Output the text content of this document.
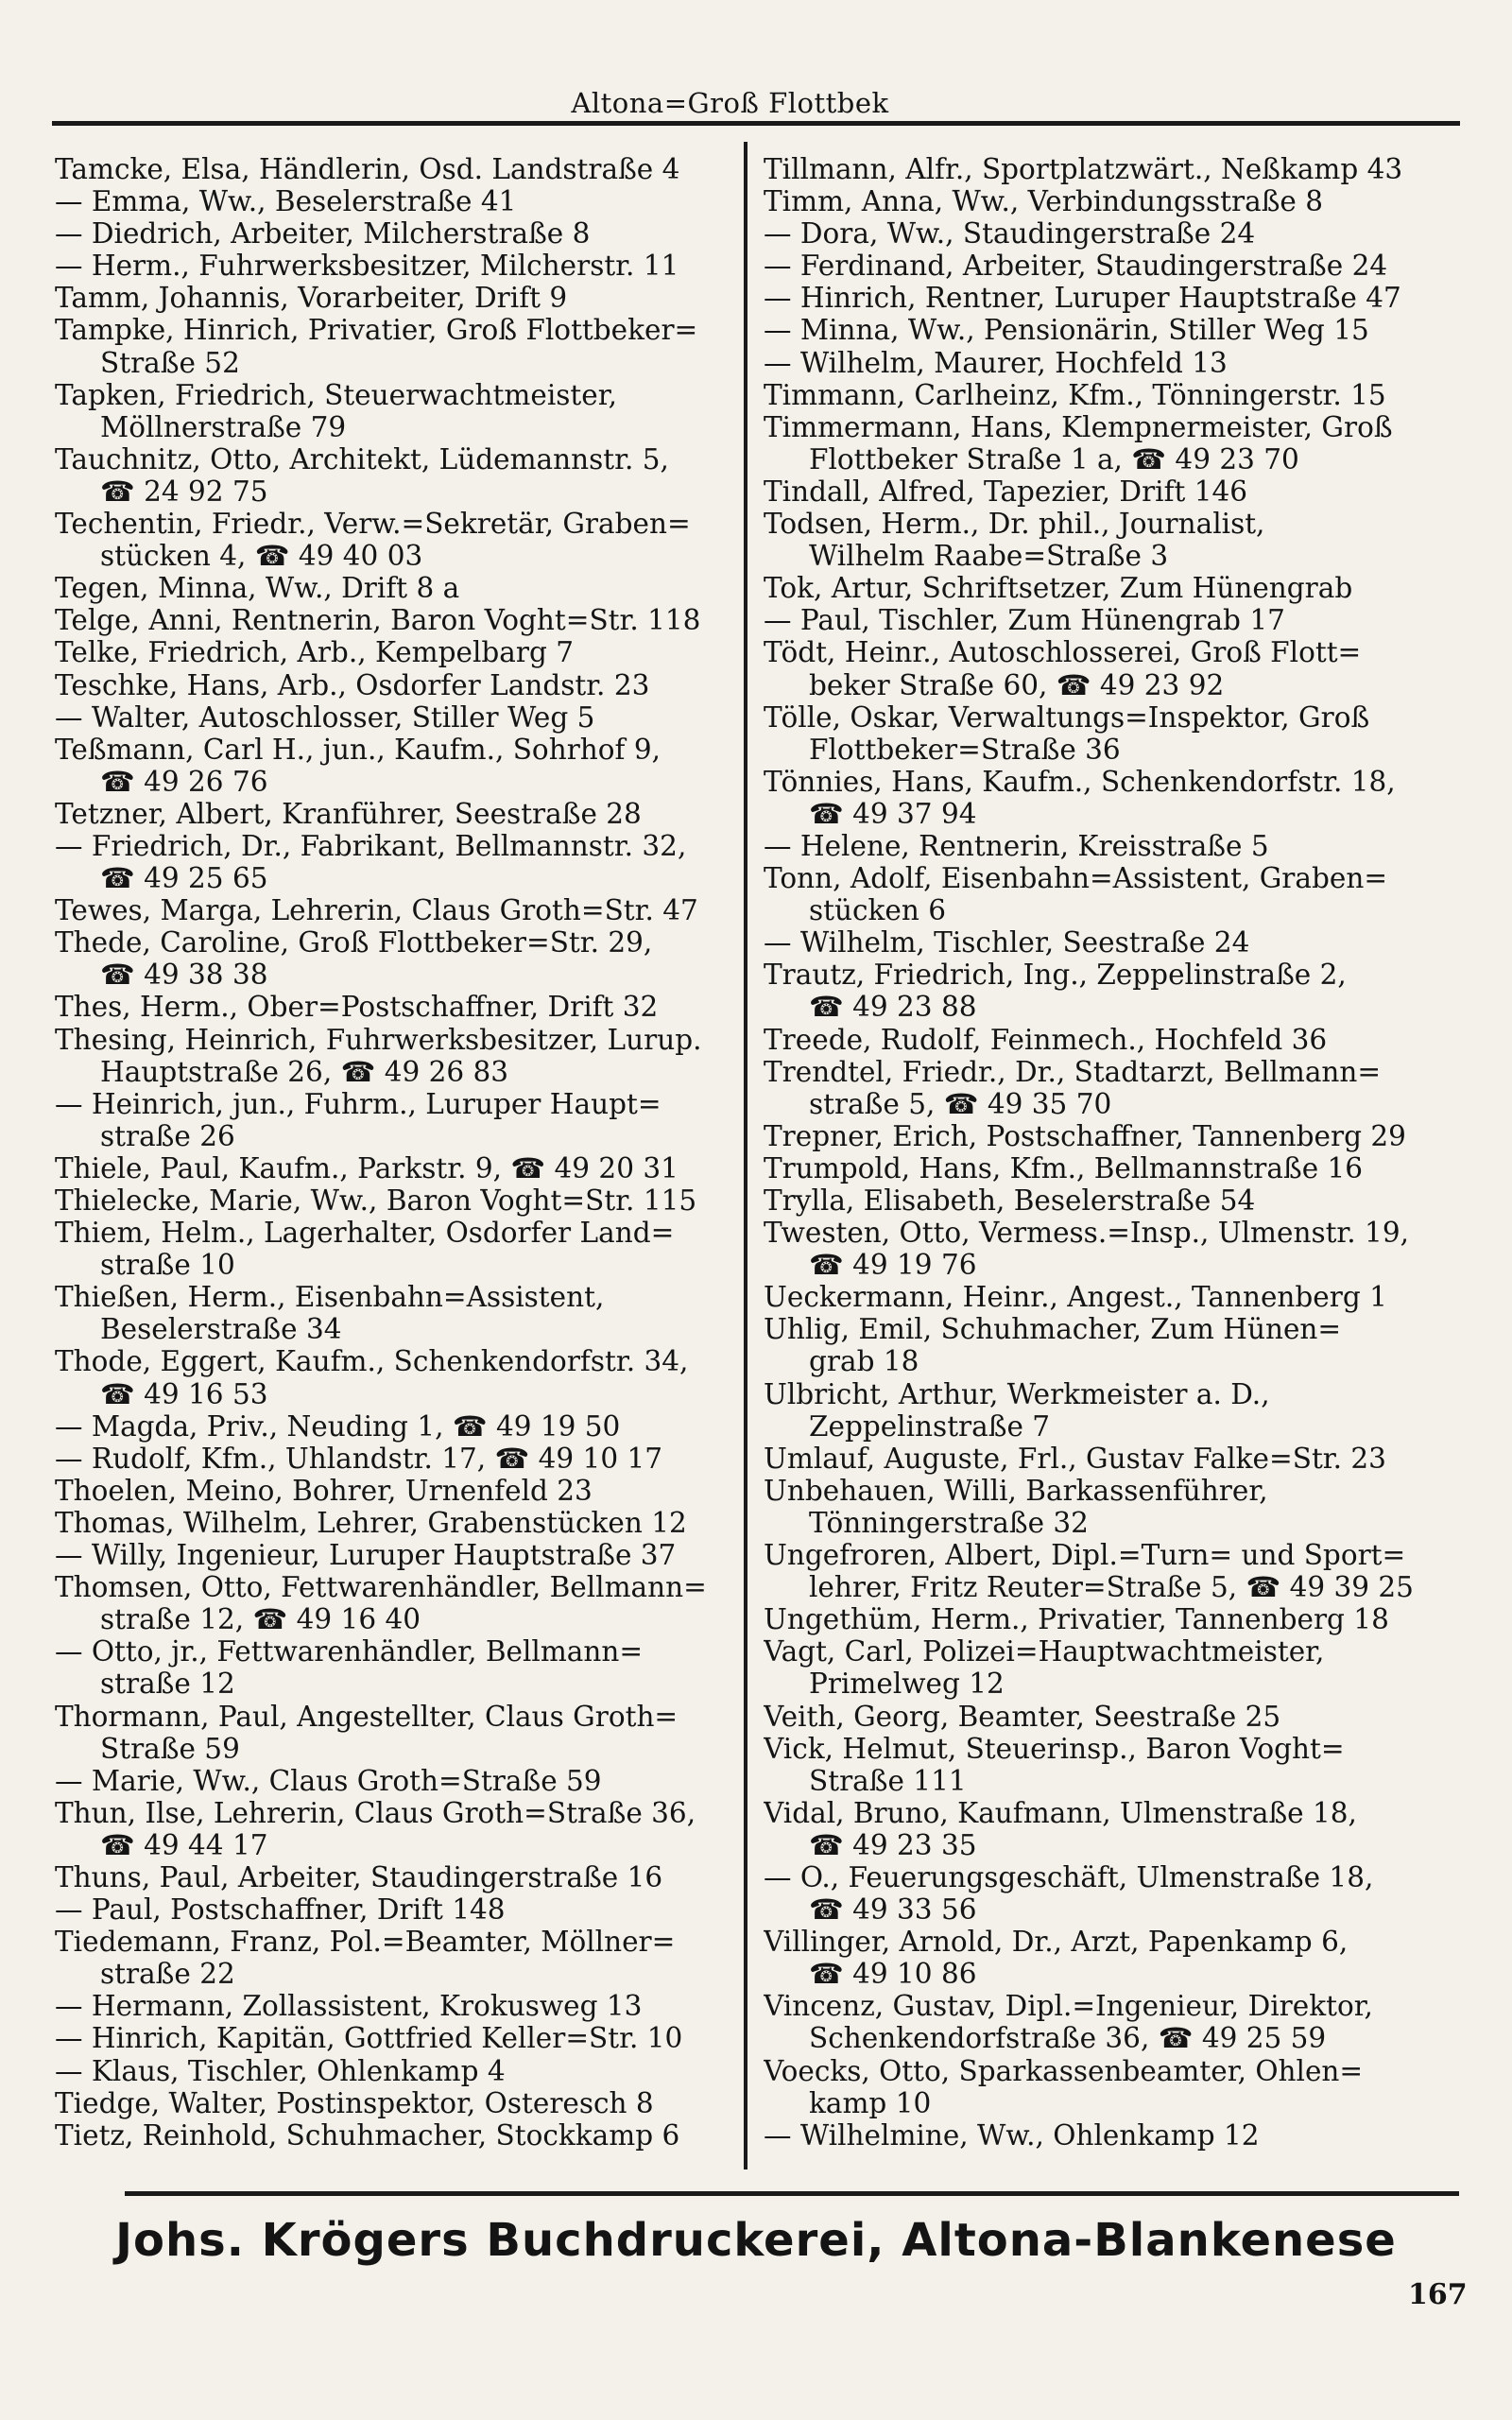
Altona=Groß Flottbek
Tamcke, Elsa, Händlerin, Osd. Landstraße 4
— Emma, Ww., Beselerstraße 41
— Diedrich, Arbeiter, Milcherstraße 8
— Herm., Fuhrwerksbesitzer, Milcherstr. 11
Tamm, Johannis, Vorarbeiter, Drift 9
Tampke, Hinrich, Privatier, Groß Flottbeker=
Straße 52
Tapken, Friedrich, Steuerwachtmeister,
Möllnerstraße 79
Tauchnitz, Otto, Architekt, Lüdemannstr. 5,
☎ 24 92 75
Techentin, Friedr., Verw.=Sekretär, Graben=
stücken 4, ☎ 49 40 03
Tegen, Minna, Ww., Drift 8 a
Telge, Anni, Rentnerin, Baron Voght=Str. 118
Telke, Friedrich, Arb., Kempelbarg 7
Teschke, Hans, Arb., Osdorfer Landstr. 23
— Walter, Autoschlosser, Stiller Weg 5
Teßmann, Carl H., jun., Kaufm., Sohrhof 9,
☎ 49 26 76
Tetzner, Albert, Kranführer, Seestraße 28
— Friedrich, Dr., Fabrikant, Bellmannstr. 32,
☎ 49 25 65
Tewes, Marga, Lehrerin, Claus Groth=Str. 47
Thede, Caroline, Groß Flottbeker=Str. 29,
☎ 49 38 38
Thes, Herm., Ober=Postschaffner, Drift 32
Thesing, Heinrich, Fuhrwerksbesitzer, Lurup.
Hauptstraße 26, ☎ 49 26 83
— Heinrich, jun., Fuhrm., Luruper Haupt=
straße 26
Thiele, Paul, Kaufm., Parkstr. 9, ☎ 49 20 31
Thielecke, Marie, Ww., Baron Voght=Str. 115
Thiem, Helm., Lagerhalter, Osdorfer Land=
straße 10
Thießen, Herm., Eisenbahn=Assistent,
Beselerstraße 34
Thode, Eggert, Kaufm., Schenkendorfstr. 34,
☎ 49 16 53
— Magda, Priv., Neuding 1, ☎ 49 19 50
— Rudolf, Kfm., Uhlandstr. 17, ☎ 49 10 17
Thoelen, Meino, Bohrer, Urnenfeld 23
Thomas, Wilhelm, Lehrer, Grabenstücken 12
— Willy, Ingenieur, Luruper Hauptstraße 37
Thomsen, Otto, Fettwarenhändler, Bellmann=
straße 12, ☎ 49 16 40
— Otto, jr., Fettwarenhändler, Bellmann=
straße 12
Thormann, Paul, Angestellter, Claus Groth=
Straße 59
— Marie, Ww., Claus Groth=Straße 59
Thun, Ilse, Lehrerin, Claus Groth=Straße 36,
☎ 49 44 17
Thuns, Paul, Arbeiter, Staudingerstraße 16
— Paul, Postschaffner, Drift 148
Tiedemann, Franz, Pol.=Beamter, Möllner=
straße 22
— Hermann, Zollassistent, Krokusweg 13
— Hinrich, Kapitän, Gottfried Keller=Str. 10
— Klaus, Tischler, Ohlenkamp 4
Tiedge, Walter, Postinspektor, Osteresch 8
Tietz, Reinhold, Schuhmacher, Stockkamp 6
Tillmann, Alfr., Sportplatzwärt., Neßkamp 43
Timm, Anna, Ww., Verbindungsstraße 8
— Dora, Ww., Staudingerstraße 24
— Ferdinand, Arbeiter, Staudingerstraße 24
— Hinrich, Rentner, Luruper Hauptstraße 47
— Minna, Ww., Pensionärin, Stiller Weg 15
— Wilhelm, Maurer, Hochfeld 13
Timmann, Carlheinz, Kfm., Tönningerstr. 15
Timmermann, Hans, Klempnermeister, Groß
Flottbeker Straße 1 a, ☎ 49 23 70
Tindall, Alfred, Tapezier, Drift 146
Todsen, Herm., Dr. phil., Journalist,
Wilhelm Raabe=Straße 3
Tok, Artur, Schriftsetzer, Zum Hünengrab
— Paul, Tischler, Zum Hünengrab 17
Tödt, Heinr., Autoschlosserei, Groß Flott=
beker Straße 60, ☎ 49 23 92
Tölle, Oskar, Verwaltungs=Inspektor, Groß
Flottbeker=Straße 36
Tönnies, Hans, Kaufm., Schenkendorfstr. 18,
☎ 49 37 94
— Helene, Rentnerin, Kreisstraße 5
Tonn, Adolf, Eisenbahn=Assistent, Graben=
stücken 6
— Wilhelm, Tischler, Seestraße 24
Trautz, Friedrich, Ing., Zeppelinstraße 2,
☎ 49 23 88
Treede, Rudolf, Feinmech., Hochfeld 36
Trendtel, Friedr., Dr., Stadtarzt, Bellmann=
straße 5, ☎ 49 35 70
Trepner, Erich, Postschaffner, Tannenberg 29
Trumpold, Hans, Kfm., Bellmannstraße 16
Trylla, Elisabeth, Beselerstraße 54
Twesten, Otto, Vermess.=Insp., Ulmenstr. 19,
☎ 49 19 76
Ueckermann, Heinr., Angest., Tannenberg 1
Uhlig, Emil, Schuhmacher, Zum Hünen=
grab 18
Ulbricht, Arthur, Werkmeister a. D.,
Zeppelinstraße 7
Umlauf, Auguste, Frl., Gustav Falke=Str. 23
Unbehauen, Willi, Barkassenführer,
Tönningerstraße 32
Ungefroren, Albert, Dipl.=Turn= und Sport=
lehrer, Fritz Reuter=Straße 5, ☎ 49 39 25
Ungethüm, Herm., Privatier, Tannenberg 18
Vagt, Carl, Polizei=Hauptwachtmeister,
Primelweg 12
Veith, Georg, Beamter, Seestraße 25
Vick, Helmut, Steuerinsp., Baron Voght=
Straße 111
Vidal, Bruno, Kaufmann, Ulmenstraße 18,
☎ 49 23 35
— O., Feuerungsgeschäft, Ulmenstraße 18,
☎ 49 33 56
Villinger, Arnold, Dr., Arzt, Papenkamp 6,
☎ 49 10 86
Vincenz, Gustav, Dipl.=Ingenieur, Direktor,
Schenkendorfstraße 36, ☎ 49 25 59
Voecks, Otto, Sparkassenbeamter, Ohlen=
kamp 10
— Wilhelmine, Ww., Ohlenkamp 12
Johs. Krögers Buchdruckerei, Altona-Blankenese
167
